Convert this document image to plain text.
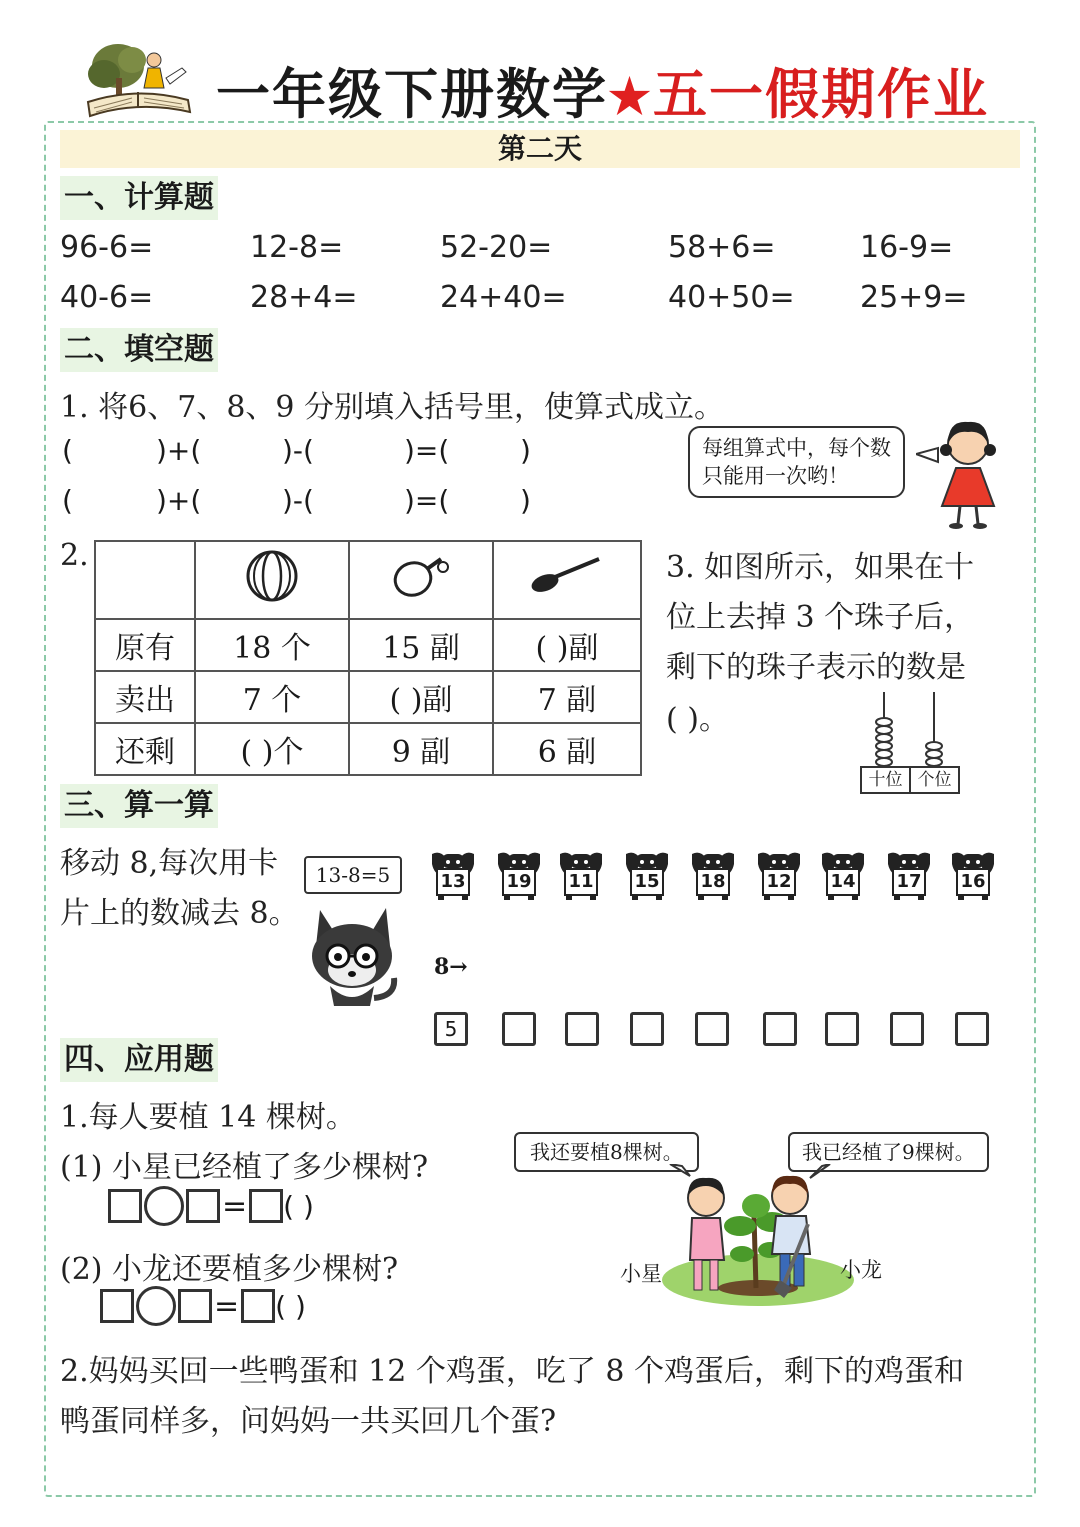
一年级下册数学★五一假期作业
第二天
一、计算题
96-6=	12-8=	52-20=	58+6=	16-9=
40-6=	28+4=	24+40=	40+50= 25+9=
二、填空题
1. 将6、7、8、9 分别填入括号里，使算式成立。
(	)+(	)-(	)=(	)
(	)+(	)-(	)=(	)
每组算式中，每个数
只能用一次哟！
2.

原有	18 个	15 副	( )副
卖出	7 个	( )副	7 副
还剩	( )个	9 副	6 副
3. 如图所示，如果在十
位上去掉 3 个珠子后，
剩下的珠子表示的数是
( )。
十位 个位
三、算一算
移动 8,每次用卡
片上的数减去 8。
13-8=5	13 19 11 15 18 12 14 17 16
8→
5
四、应用题
1.每人要植 14 棵树。
(1) 小星已经植了多少棵树?
= ( )
(2) 小龙还要植多少棵树?
= ( )
我还要植8棵树。	我已经植了9棵树。
小星	小龙
2.妈妈买回一些鸭蛋和 12 个鸡蛋，吃了 8 个鸡蛋后，剩下的鸡蛋和
鸭蛋同样多，问妈妈一共买回几个蛋?
